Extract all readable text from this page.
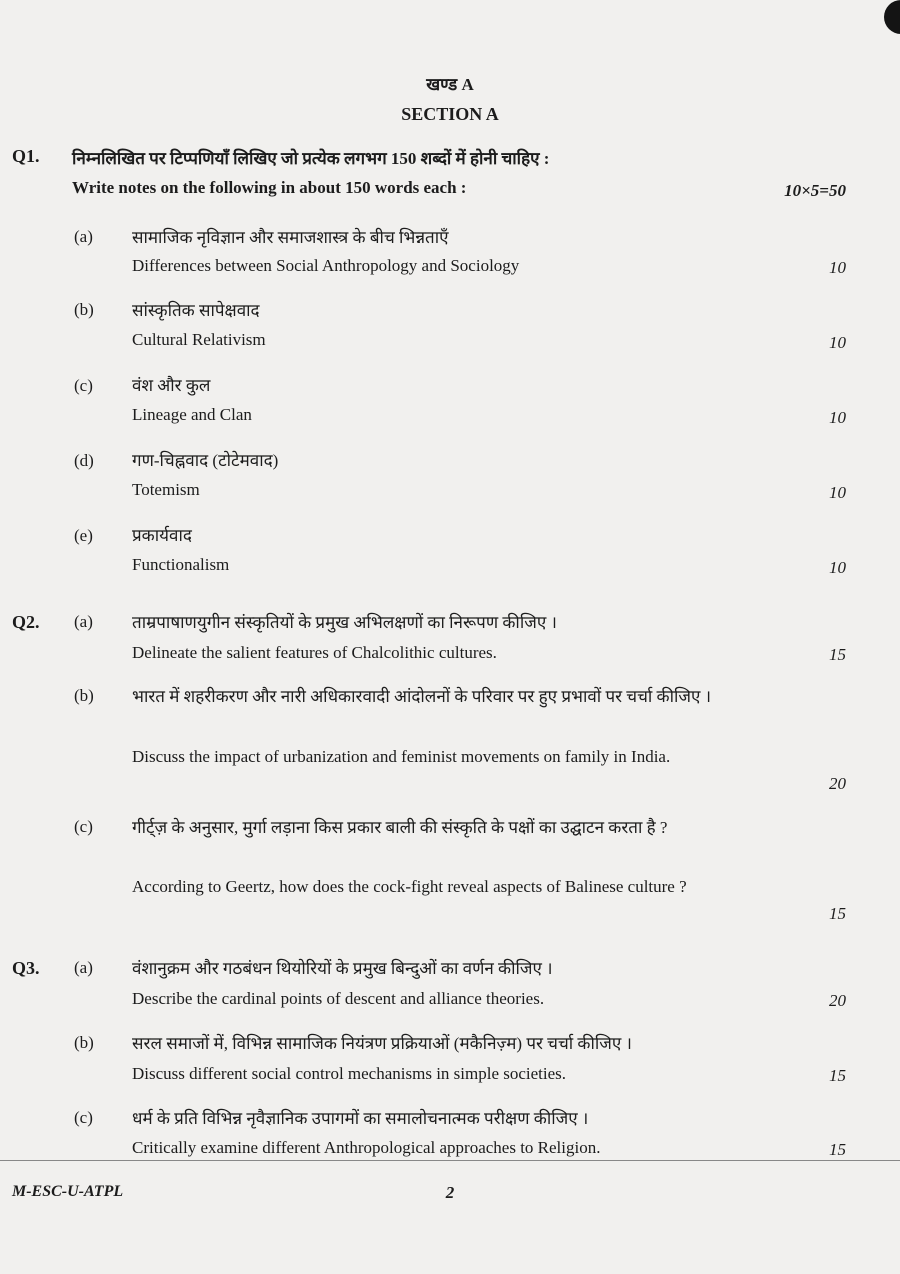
खण्ड A
SECTION A
Q1. निम्नलिखित पर टिप्पणियाँ लिखिए जो प्रत्येक लगभग 150 शब्दों में होनी चाहिए :
Write notes on the following in about 150 words each :	10×5=50
(a) सामाजिक नृविज्ञान और समाजशास्त्र के बीच भिन्नताएँ
Differences between Social Anthropology and Sociology	10
(b) सांस्कृतिक सापेक्षवाद
Cultural Relativism	10
(c) वंश और कुल
Lineage and Clan	10
(d) गण-चिह्नवाद (टोटेमवाद)
Totemism	10
(e) प्रकार्यवाद
Functionalism	10
Q2. (a) ताम्रपाषाणयुगीन संस्कृतियों के प्रमुख अभिलक्षणों का निरूपण कीजिए ।
Delineate the salient features of Chalcolithic cultures.	15
(b) भारत में शहरीकरण और नारी अधिकारवादी आंदोलनों के परिवार पर हुए प्रभावों पर चर्चा कीजिए ।
Discuss the impact of urbanization and feminist movements on family in India.
20
(c) गीर्ट्ज़ के अनुसार, मुर्गा लड़ाना किस प्रकार बाली की संस्कृति के पक्षों का उद्घाटन करता है ?
According to Geertz, how does the cock-fight reveal aspects of Balinese culture ?
15
Q3. (a) वंशानुक्रम और गठबंधन थियोरियों के प्रमुख बिन्दुओं का वर्णन कीजिए ।
Describe the cardinal points of descent and alliance theories.	20
(b) सरल समाजों में, विभिन्न सामाजिक नियंत्रण प्रक्रियाओं (मकैनिज़्म) पर चर्चा कीजिए ।
Discuss different social control mechanisms in simple societies.	15
(c) धर्म के प्रति विभिन्न नृवैज्ञानिक उपागमों का समालोचनात्मक परीक्षण कीजिए ।
Critically examine different Anthropological approaches to Religion.	15
M-ESC-U-ATPL	2
